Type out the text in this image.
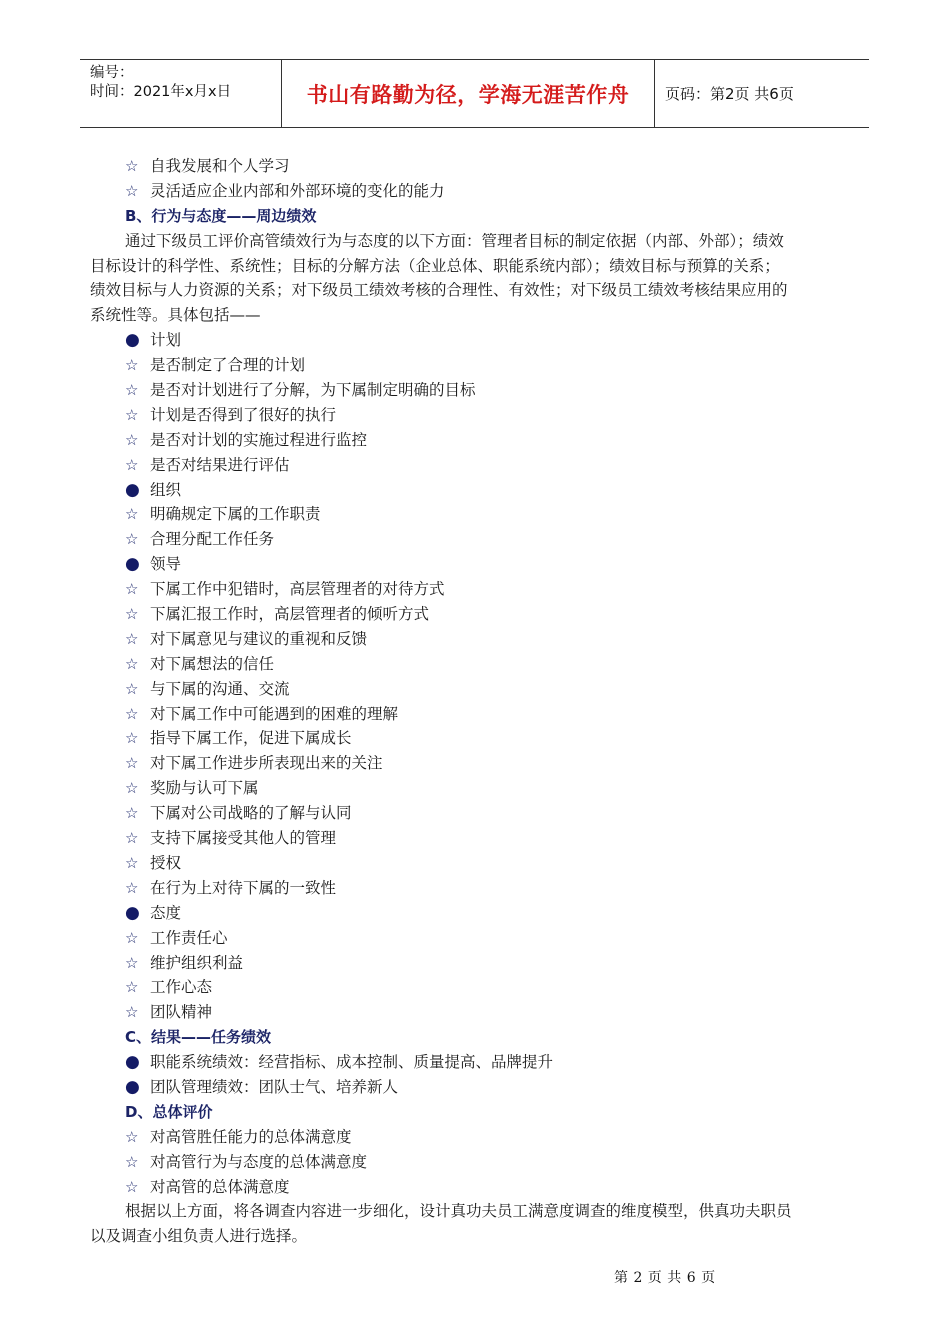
编号：
时间：2021年x月x日	书山有路勤为径，学海无涯苦作舟 页码：第2页 共6页
☆ 自我发展和个人学习
☆ 灵活适应企业内部和外部环境的变化的能力
B、行为与态度——周边绩效
通过下级员工评价高管绩效行为与态度的以下方面：管理者目标的制定依据（内部、外部）；绩效
目标设计的科学性、系统性；目标的分解方法（企业总体、职能系统内部）；绩效目标与预算的关系；
绩效目标与人力资源的关系；对下级员工绩效考核的合理性、有效性；对下级员工绩效考核结果应用的
系统性等。具体包括——
● 计划
☆ 是否制定了合理的计划
☆ 是否对计划进行了分解，为下属制定明确的目标
☆ 计划是否得到了很好的执行
☆ 是否对计划的实施过程进行监控
☆ 是否对结果进行评估
● 组织
☆ 明确规定下属的工作职责
☆ 合理分配工作任务
● 领导
☆ 下属工作中犯错时，高层管理者的对待方式
☆ 下属汇报工作时，高层管理者的倾听方式
☆ 对下属意见与建议的重视和反馈
☆ 对下属想法的信任
☆ 与下属的沟通、交流
☆ 对下属工作中可能遇到的困难的理解
☆ 指导下属工作，促进下属成长
☆ 对下属工作进步所表现出来的关注
☆ 奖励与认可下属
☆ 下属对公司战略的了解与认同
☆ 支持下属接受其他人的管理
☆ 授权
☆ 在行为上对待下属的一致性
● 态度
☆ 工作责任心
☆ 维护组织利益
☆ 工作心态
☆ 团队精神
C、结果——任务绩效
● 职能系统绩效：经营指标、成本控制、质量提高、品牌提升
● 团队管理绩效：团队士气、培养新人
D、总体评价
☆ 对高管胜任能力的总体满意度
☆ 对高管行为与态度的总体满意度
☆ 对高管的总体满意度
根据以上方面，将各调查内容进一步细化，设计真功夫员工满意度调查的维度模型，供真功夫职员
以及调查小组负责人进行选择。
第 2 页 共 6 页
